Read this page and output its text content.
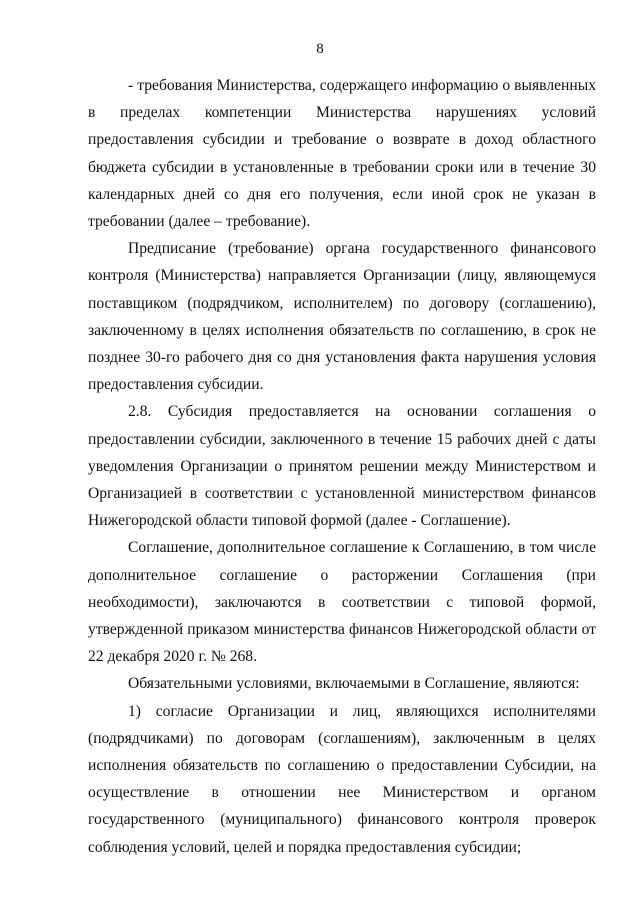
8

- требования Министерства, содержащего информацию о выявленных в пределах компетенции Министерства нарушениях условий предоставления субсидии и требование о возврате в доход областного бюджета субсидии в установленные в требовании сроки или в течение 30 календарных дней со дня его получения, если иной срок не указан в требовании (далее – требование).

Предписание (требование) органа государственного финансового контроля (Министерства) направляется Организации (лицу, являющемуся поставщиком (подрядчиком, исполнителем) по договору (соглашению), заключенному в целях исполнения обязательств по соглашению, в срок не позднее 30-го рабочего дня со дня установления факта нарушения условия предоставления субсидии.

2.8. Субсидия предоставляется на основании соглашения о предоставлении субсидии, заключенного в течение 15 рабочих дней с даты уведомления Организации о принятом решении между Министерством и Организацией в соответствии с установленной министерством финансов Нижегородской области типовой формой (далее - Соглашение).

Соглашение, дополнительное соглашение к Соглашению, в том числе дополнительное соглашение о расторжении Соглашения (при необходимости), заключаются в соответствии с типовой формой, утвержденной приказом министерства финансов Нижегородской области от 22 декабря 2020 г. № 268.

Обязательными условиями, включаемыми в Соглашение, являются:

1) согласие Организации и лиц, являющихся исполнителями (подрядчиками) по договорам (соглашениям), заключенным в целях исполнения обязательств по соглашению о предоставлении Субсидии, на осуществление в отношении нее Министерством и органом государственного (муниципального) финансового контроля проверок соблюдения условий, целей и порядка предоставления субсидии;
